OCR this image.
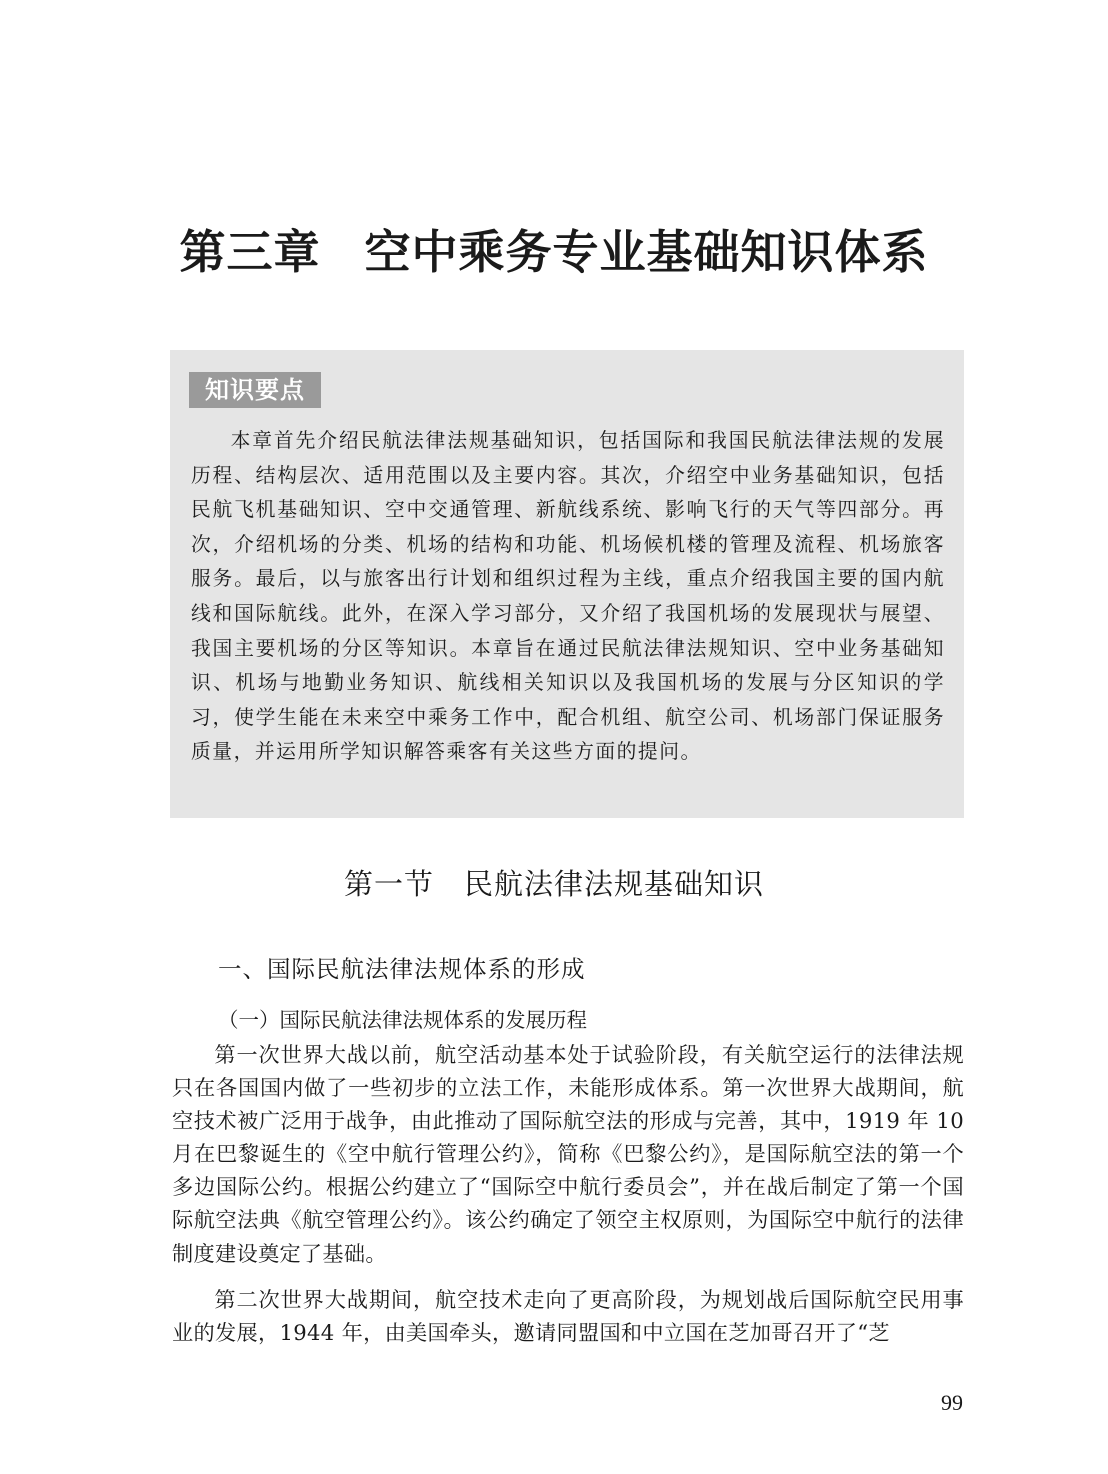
第三章 空中乘务专业基础知识体系
知识要点

本章首先介绍民航法律法规基础知识，包括国际和我国民航法律法规的发展历程、结构层次、适用范围以及主要内容。其次，介绍空中业务基础知识，包括民航飞机基础知识、空中交通管理、新航线系统、影响飞行的天气等四部分。再次，介绍机场的分类、机场的结构和功能、机场候机楼的管理及流程、机场旅客服务。最后，以与旅客出行计划和组织过程为主线，重点介绍我国主要的国内航线和国际航线。此外，在深入学习部分，又介绍了我国机场的发展现状与展望、我国主要机场的分区等知识。本章旨在通过民航法律法规知识、空中业务基础知识、机场与地勤业务知识、航线相关知识以及我国机场的发展与分区知识的学习，使学生能在未来空中乘务工作中，配合机组、航空公司、机场部门保证服务质量，并运用所学知识解答乘客有关这些方面的提问。

第一节 民航法律法规基础知识
一、国际民航法律法规体系的形成
（一）国际民航法律法规体系的发展历程

第一次世界大战以前，航空活动基本处于试验阶段，有关航空运行的法律法规只在各国国内做了一些初步的立法工作，未能形成体系。第一次世界大战期间，航空技术被广泛用于战争，由此推动了国际航空法的形成与完善，其中，1919 年 10 月在巴黎诞生的《空中航行管理公约》，简称《巴黎公约》，是国际航空法的第一个多边国际公约。根据公约建立了“国际空中航行委员会”，并在战后制定了第一个国际航空法典《航空管理公约》。该公约确定了领空主权原则，为国际空中航行的法律制度建设奠定了基础。

第二次世界大战期间，航空技术走向了更高阶段，为规划战后国际航空民用事业的发展，1944 年，由美国牵头，邀请同盟国和中立国在芝加哥召开了“芝

99
